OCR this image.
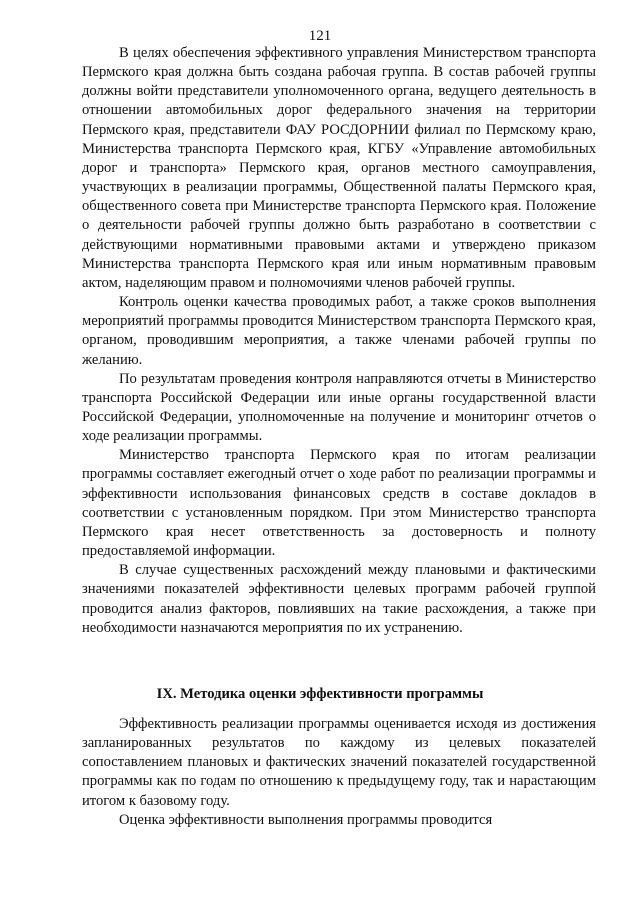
121

В целях обеспечения эффективного управления Министерством транспорта Пермского края должна быть создана рабочая группа. В состав рабочей группы должны войти представители уполномоченного органа, ведущего деятельность в отношении автомобильных дорог федерального значения на территории Пермского края, представители ФАУ РОСДОРНИИ филиал по Пермскому краю, Министерства транспорта Пермского края, КГБУ «Управление автомобильных дорог и транспорта» Пермского края, органов местного самоуправления, участвующих в реализации программы, Общественной палаты Пермского края, общественного совета при Министерстве транспорта Пермского края. Положение о деятельности рабочей группы должно быть разработано в соответствии с действующими нормативными правовыми актами и утверждено приказом Министерства транспорта Пермского края или иным нормативным правовым актом, наделяющим правом и полномочиями членов рабочей группы.

Контроль оценки качества проводимых работ, а также сроков выполнения мероприятий программы проводится Министерством транспорта Пермского края, органом, проводившим мероприятия, а также членами рабочей группы по желанию.

По результатам проведения контроля направляются отчеты в Министерство транспорта Российской Федерации или иные органы государственной власти Российской Федерации, уполномоченные на получение и мониторинг отчетов о ходе реализации программы.

Министерство транспорта Пермского края по итогам реализации программы составляет ежегодный отчет о ходе работ по реализации программы и эффективности использования финансовых средств в составе докладов в соответствии с установленным порядком. При этом Министерство транспорта Пермского края несет ответственность за достоверность и полноту предоставляемой информации.

В случае существенных расхождений между плановыми и фактическими значениями показателей эффективности целевых программ рабочей группой проводится анализ факторов, повлиявших на такие расхождения, а также при необходимости назначаются мероприятия по их устранению.

IX. Методика оценки эффективности программы

Эффективность реализации программы оценивается исходя из достижения запланированных результатов по каждому из целевых показателей сопоставлением плановых и фактических значений показателей государственной программы как по годам по отношению к предыдущему году, так и нарастающим итогом к базовому году.

Оценка эффективности выполнения программы проводится
